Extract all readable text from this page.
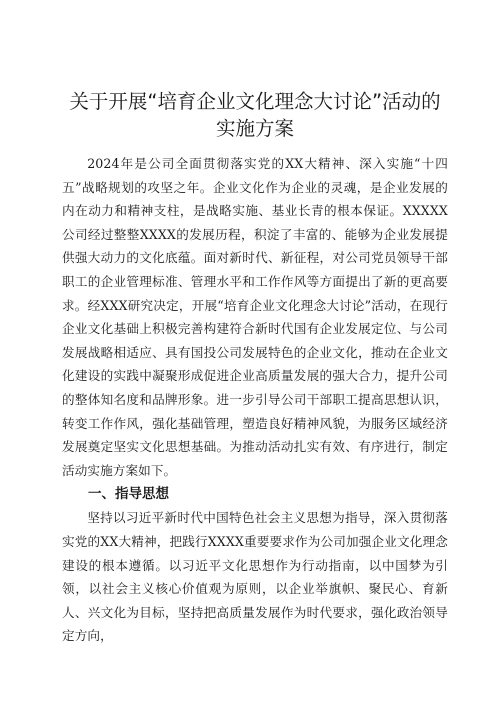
关于开展“培育企业文化理念大讨论”活动的实施方案

2024年是公司全面贯彻落实党的XX大精神、深入实施“十四五”战略规划的攻坚之年。企业文化作为企业的灵魂，是企业发展的内在动力和精神支柱，是战略实施、基业长青的根本保证。XXXXX公司经过整整XXXX的发展历程，积淀了丰富的、能够为企业发展提供强大动力的文化底蕴。面对新时代、新征程，对公司党员领导干部职工的企业管理标准、管理水平和工作作风等方面提出了新的更高要求。经XXX研究决定，开展“培育企业文化理念大讨论”活动，在现行企业文化基础上积极完善构建符合新时代国有企业发展定位、与公司发展战略相适应、具有国投公司发展特色的企业文化，推动在企业文化建设的实践中凝聚形成促进企业高质量发展的强大合力，提升公司的整体知名度和品牌形象。进一步引导公司干部职工提高思想认识，转变工作作风，强化基础管理，塑造良好精神风貌，为服务区域经济发展奠定坚实文化思想基础。为推动活动扎实有效、有序进行，制定活动实施方案如下。

一、指导思想

坚持以习近平新时代中国特色社会主义思想为指导，深入贯彻落实党的XX大精神，把践行XXXX重要要求作为公司加强企业文化理念建设的根本遵循。以习近平文化思想作为行动指南，以中国梦为引领，以社会主义核心价值观为原则，以企业举旗帜、聚民心、育新人、兴文化为目标，坚持把高质量发展作为时代要求，强化政治领导定方向，
